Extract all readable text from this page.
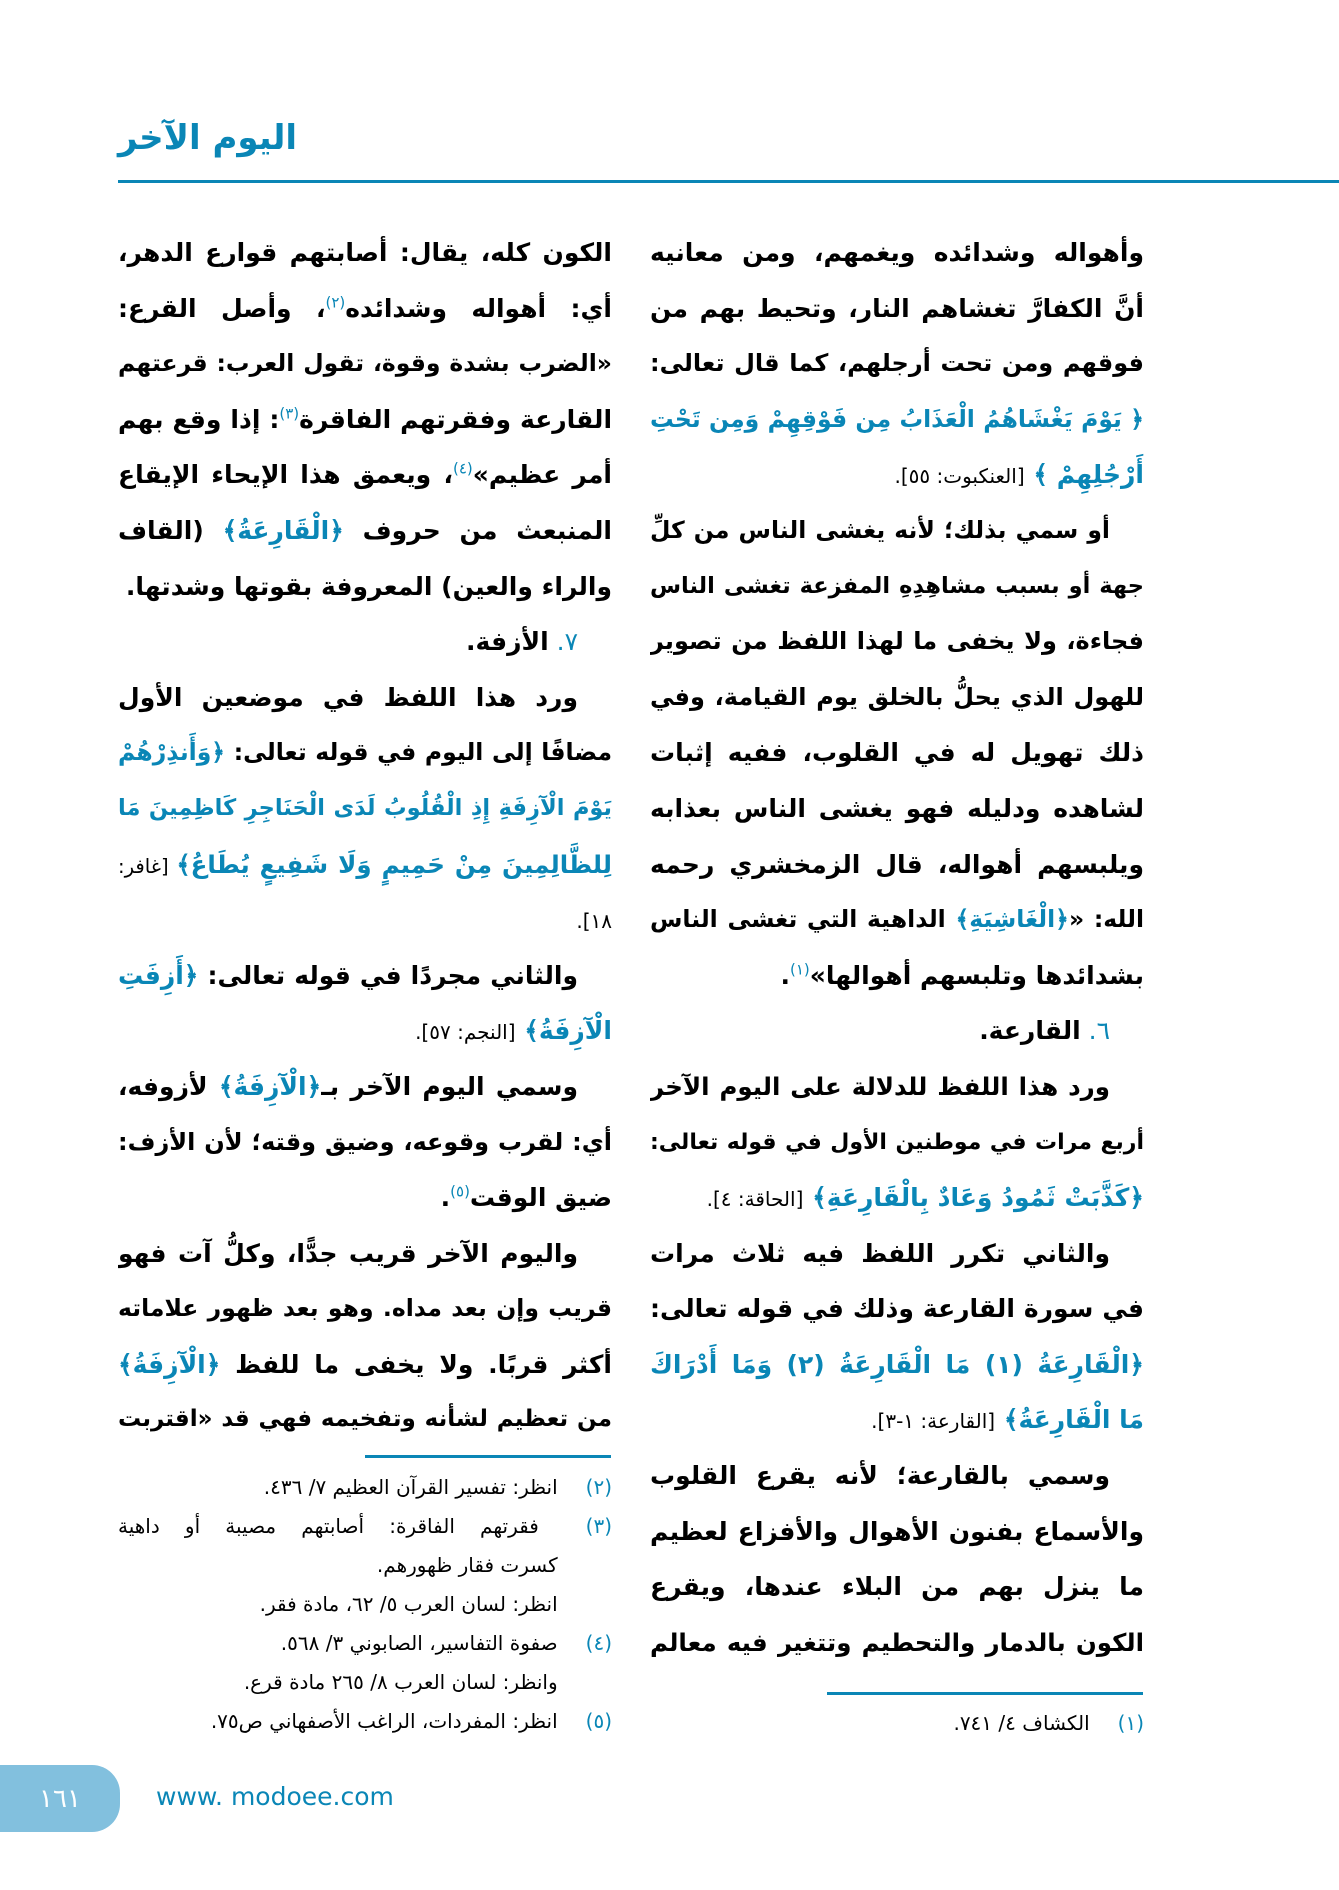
اليوم الآخر
وأهواله وشدائده ويغمهم، ومن معانيه
أنَّ الكفارَّ تغشاهم النار، وتحيط بهم من
فوقهم ومن تحت أرجلهم، كما قال تعالى:
﴿ يَوْمَ يَغْشَاهُمُ الْعَذَابُ مِن فَوْقِهِمْ وَمِن تَحْتِ
أَرْجُلِهِمْ ﴾ [العنكبوت: ٥٥].
أو سمي بذلك؛ لأنه يغشى الناس من كلِّ
جهة أو بسبب مشاهِدِهِ المفزعة تغشى الناس
فجاءة، ولا يخفى ما لهذا اللفظ من تصوير
للهول الذي يحلُّ بالخلق يوم القيامة، وفي
ذلك تهويل له في القلوب، ففيه إثبات
لشاهده ودليله فهو يغشى الناس بعذابه
ويلبسهم أهواله، قال الزمخشري رحمه
الله: «﴿الْغَاشِيَةِ﴾ الداهية التي تغشى الناس
بشدائدها وتلبسهم أهوالها»$^{(١)}$.
٦. القارعة.
ورد هذا اللفظ للدلالة على اليوم الآخر
أربع مرات في موطنين الأول في قوله تعالى:
﴿كَذَّبَتْ ثَمُودُ وَعَادٌ بِالْقَارِعَةِ﴾ [الحاقة: ٤].
والثاني تكرر اللفظ فيه ثلاث مرات
في سورة القارعة وذلك في قوله تعالى:
﴿الْقَارِعَةُ (١) مَا الْقَارِعَةُ (٢) وَمَا أَدْرَاكَ
مَا الْقَارِعَةُ﴾ [القارعة: ١-٣].
وسمي بالقارعة؛ لأنه يقرع القلوب
والأسماع بفنون الأهوال والأفزاع لعظيم
ما ينزل بهم من البلاء عندها، ويقرع
الكون بالدمار والتحطيم وتتغير فيه معالم
الكون كله، يقال: أصابتهم قوارع الدهر،
أي: أهواله وشدائده$^{(٢)}$، وأصل القرع:
«الضرب بشدة وقوة، تقول العرب: قرعتهم
القارعة وفقرتهم الفاقرة$^{(٣)}$: إذا وقع بهم
أمر عظيم»$^{(٤)}$، ويعمق هذا الإيحاء الإيقاع
المنبعث من حروف ﴿الْقَارِعَةُ﴾ (القاف
والراء والعين) المعروفة بقوتها وشدتها.
٧. الأزفة.
ورد هذا اللفظ في موضعين الأول
مضافًا إلى اليوم في قوله تعالى: ﴿وَأَنذِرْهُمْ
يَوْمَ الْآزِفَةِ إِذِ الْقُلُوبُ لَدَى الْحَنَاجِرِ كَاظِمِينَ مَا
لِلظَّالِمِينَ مِنْ حَمِيمٍ وَلَا شَفِيعٍ يُطَاعُ﴾ [غافر:
١٨].
والثاني مجردًا في قوله تعالى: ﴿أَزِفَتِ
الْآزِفَةُ﴾ [النجم: ٥٧].
وسمي اليوم الآخر بـ﴿الْآزِفَةُ﴾ لأزوفه،
أي: لقرب وقوعه، وضيق وقته؛ لأن الأزف:
ضيق الوقت$^{(٥)}$.
واليوم الآخر قريب جدًّا، وكلُّ آت فهو
قريب وإن بعد مداه. وهو بعد ظهور علاماته
أكثر قربًا. ولا يخفى ما للفظ ﴿الْآزِفَةُ﴾
من تعظيم لشأنه وتفخيمه فهي قد «اقتربت
(٢) انظر: تفسير القرآن العظيم ٧/ ٤٣٦.
(٣) فقرتهم الفاقرة: أصابتهم مصيبة أو داهية
كسرت فقار ظهورهم.
انظر: لسان العرب ٥/ ٦٢، مادة فقر.
(٤) صفوة التفاسير، الصابوني ٣/ ٥٦٨.
وانظر: لسان العرب ٨/ ٢٦٥ مادة قرع.
(٥) انظر: المفردات، الراغب الأصفهاني ص٧٥.	(١) الكشاف ٤/ ٧٤١.
١٦١	www. modoee.com
